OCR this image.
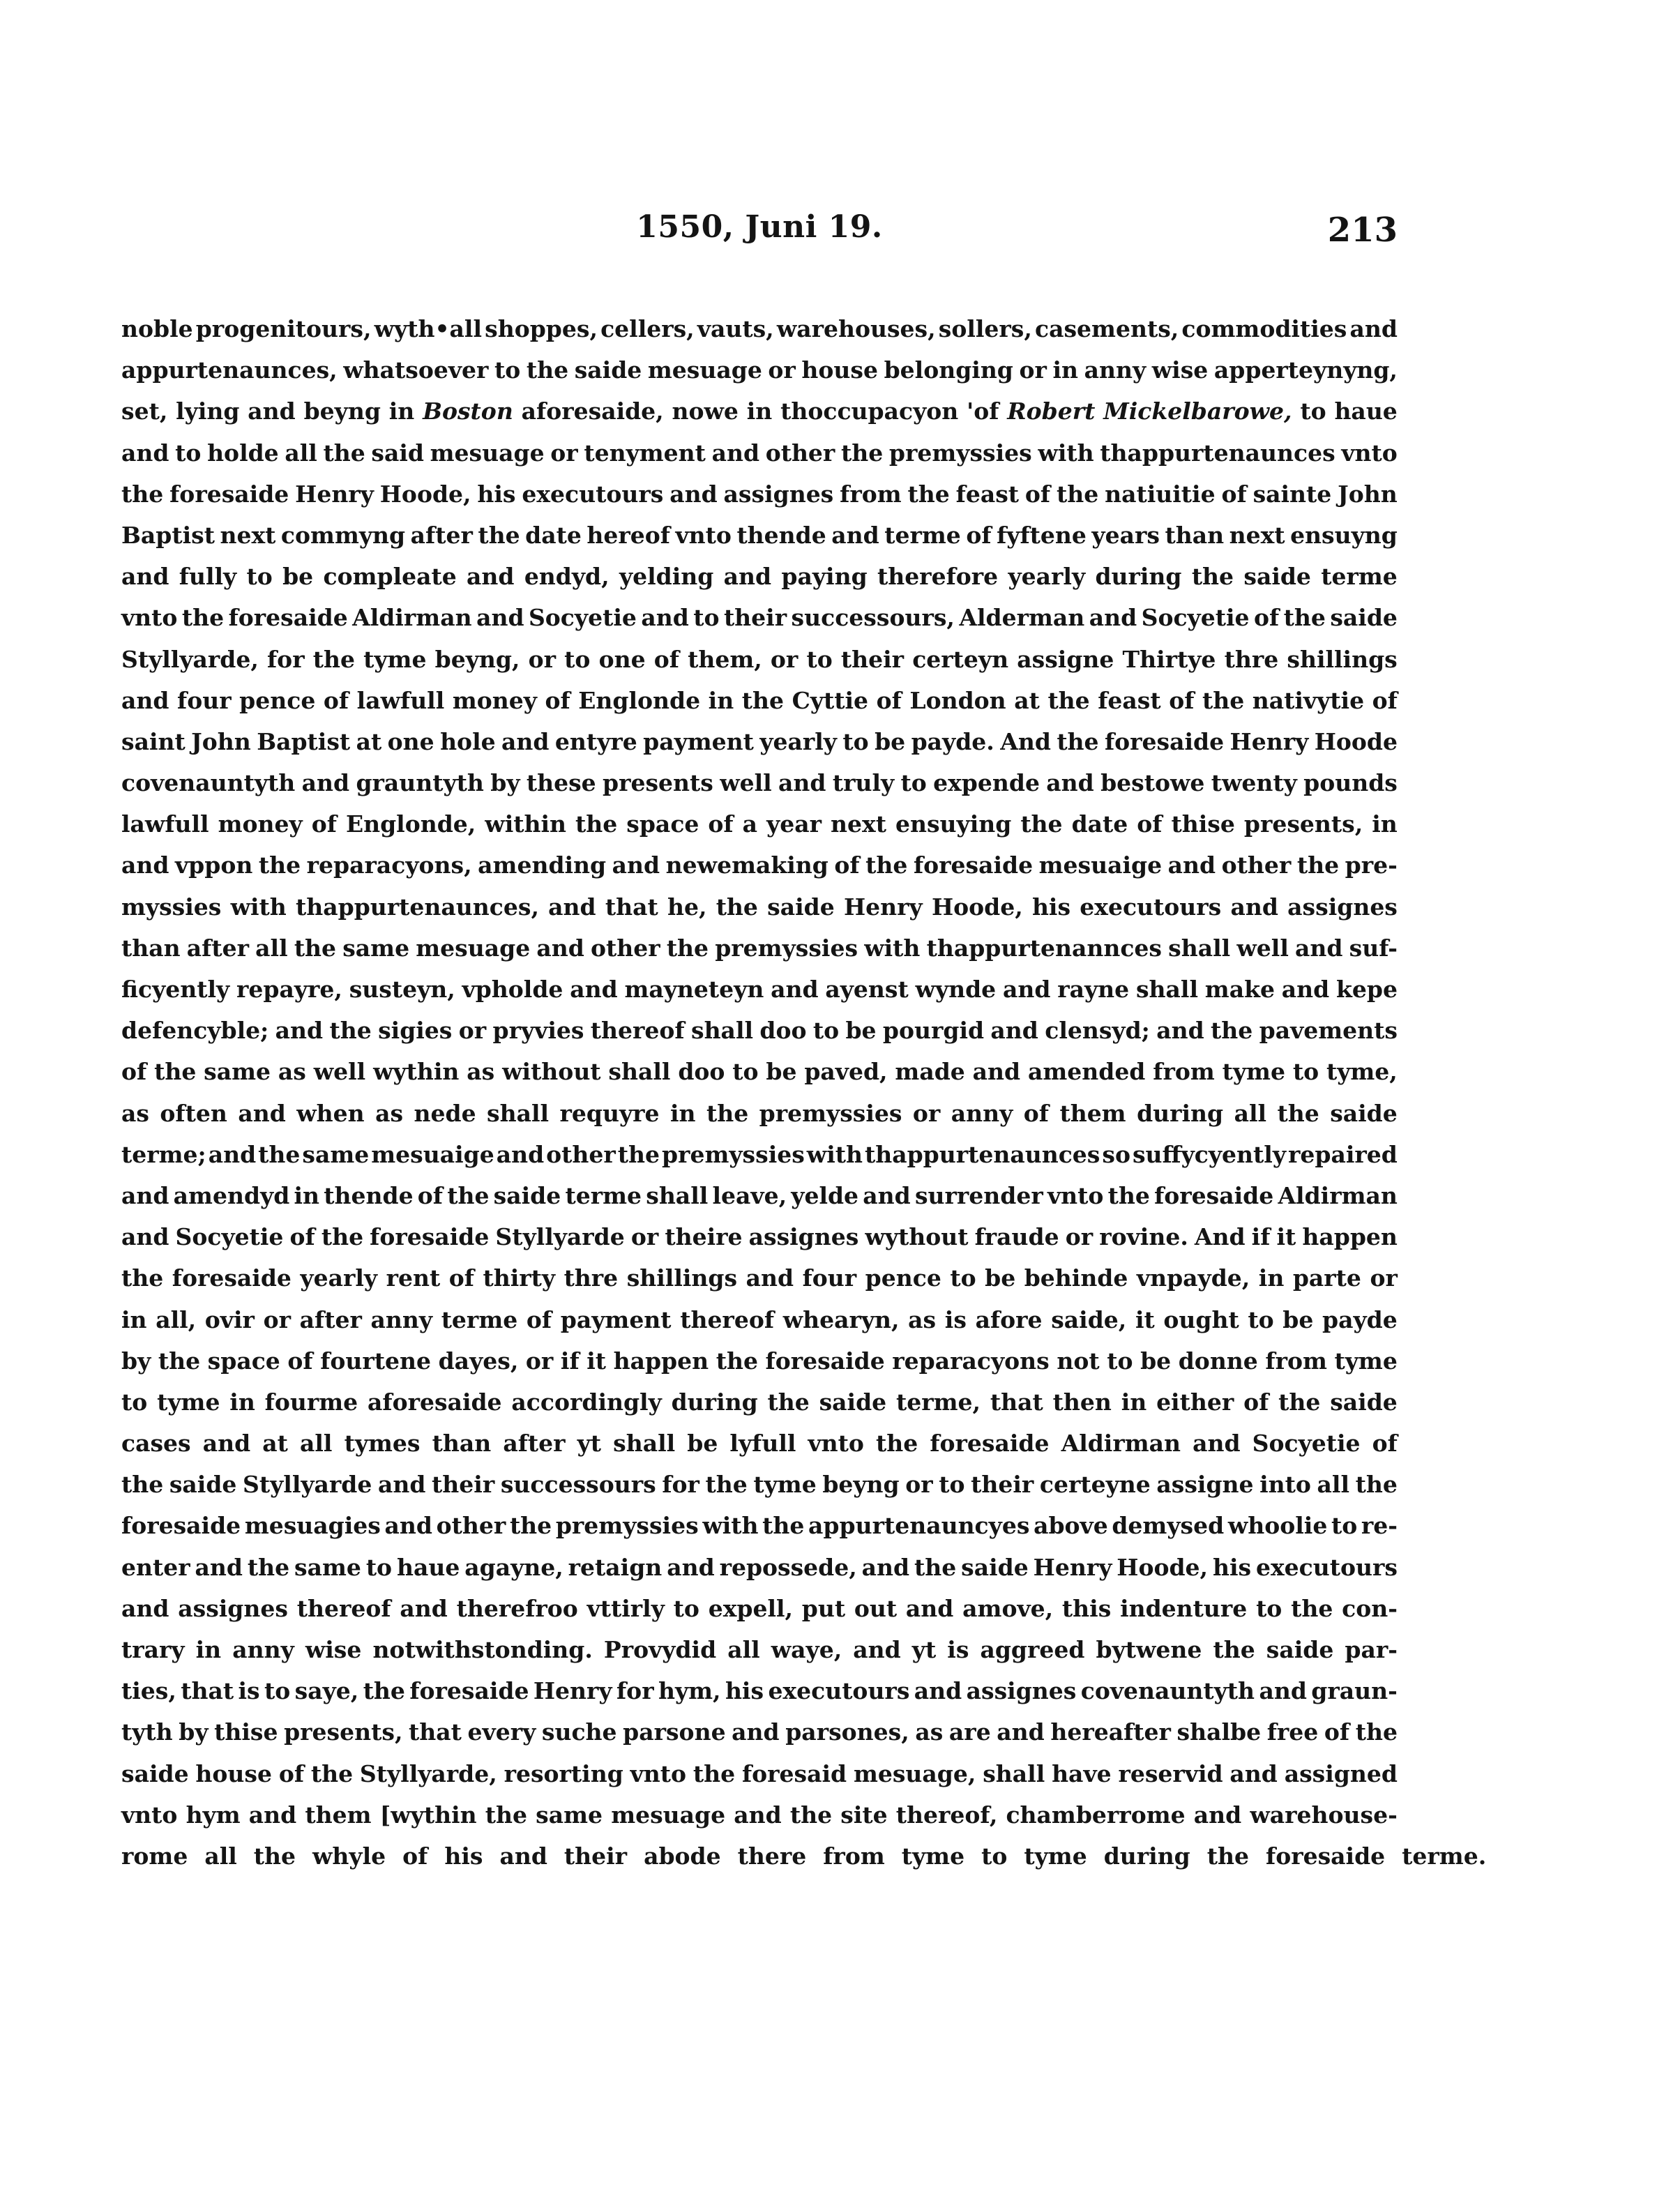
1550, Juni 19.	213
noble progenitours, wyth•all shoppes, cellers, vauts, warehouses, sollers, casements, commodities and
appurtenaunces, whatsoever to the saide mesuage or house belonging or in anny wise apperteynyng,
set, lying and beyng in Boston aforesaide, nowe in thoccupacyon 'of Robert Mickelbarowe, to haue
and to holde all the said mesuage or tenyment and other the premyssies with thappurtenaunces vnto
the foresaide Henry Hoode, his executours and assignes from the feast of the natiuitie of sainte John
Baptist next commyng after the date hereof vnto thende and terme of fyftene years than next ensuyng
and fully to be compleate and endyd, yelding and paying therefore yearly during the saide terme
vnto the foresaide Aldirman and Socyetie and to their successours, Alderman and Socyetie of the saide
Styllyarde, for the tyme beyng, or to one of them, or to their certeyn assigne Thirtye thre shillings
and four pence of lawfull money of Englonde in the Cyttie of London at the feast of the nativytie of
saint John Baptist at one hole and entyre payment yearly to be payde. And the foresaide Henry Hoode
covenauntyth and grauntyth by these presents well and truly to expende and bestowe twenty pounds
lawfull money of Englonde, within the space of a year next ensuying the date of thise presents, in
and vppon the reparacyons, amending and newemaking of the foresaide mesuaige and other the pre-
myssies with thappurtenaunces, and that he, the saide Henry Hoode, his executours and assignes
than after all the same mesuage and other the premyssies with thappurtenannces shall well and suf-
ficyently repayre, susteyn, vpholde and mayneteyn and ayenst wynde and rayne shall make and kepe
defencyble; and the sigies or pryvies thereof shall doo to be pourgid and clensyd; and the pavements
of the same as well wythin as without shall doo to be paved, made and amended from tyme to tyme,
as often and when as nede shall requyre in the premyssies or anny of them during all the saide
terme; and the same mesuaige and other the premyssies with thappurtenaunces so suffycyently repaired
and amendyd in thende of the saide terme shall leave, yelde and surrender vnto the foresaide Aldirman
and Socyetie of the foresaide Styllyarde or theire assignes wythout fraude or rovine. And if it happen
the foresaide yearly rent of thirty thre shillings and four pence to be behinde vnpayde, in parte or
in all, ovir or after anny terme of payment thereof whearyn, as is afore saide, it ought to be payde
by the space of fourtene dayes, or if it happen the foresaide reparacyons not to be donne from tyme
to tyme in fourme aforesaide accordingly during the saide terme, that then in either of the saide
cases and at all tymes than after yt shall be lyfull vnto the foresaide Aldirman and Socyetie of
the saide Styllyarde and their successours for the tyme beyng or to their certeyne assigne into all the
foresaide mesuagies and other the premyssies with the appurtenauncyes above demysed whoolie to re-
enter and the same to haue agayne, retaign and repossede, and the saide Henry Hoode, his executours
and assignes thereof and therefroo vttirly to expell, put out and amove, this indenture to the con-
trary in anny wise notwithstonding. Provydid all waye, and yt is aggreed bytwene the saide par-
ties, that is to saye, the foresaide Henry for hym, his executours and assignes covenauntyth and graun-
tyth by thise presents, that every suche parsone and parsones, as are and hereafter shalbe free of the
saide house of the Styllyarde, resorting vnto the foresaid mesuage, shall have reservid and assigned
vnto hym and them [wythin the same mesuage and the site thereof, chamberrome and warehouse-
rome all the whyle of his and their abode there from tyme to tyme during the foresaide terme.
